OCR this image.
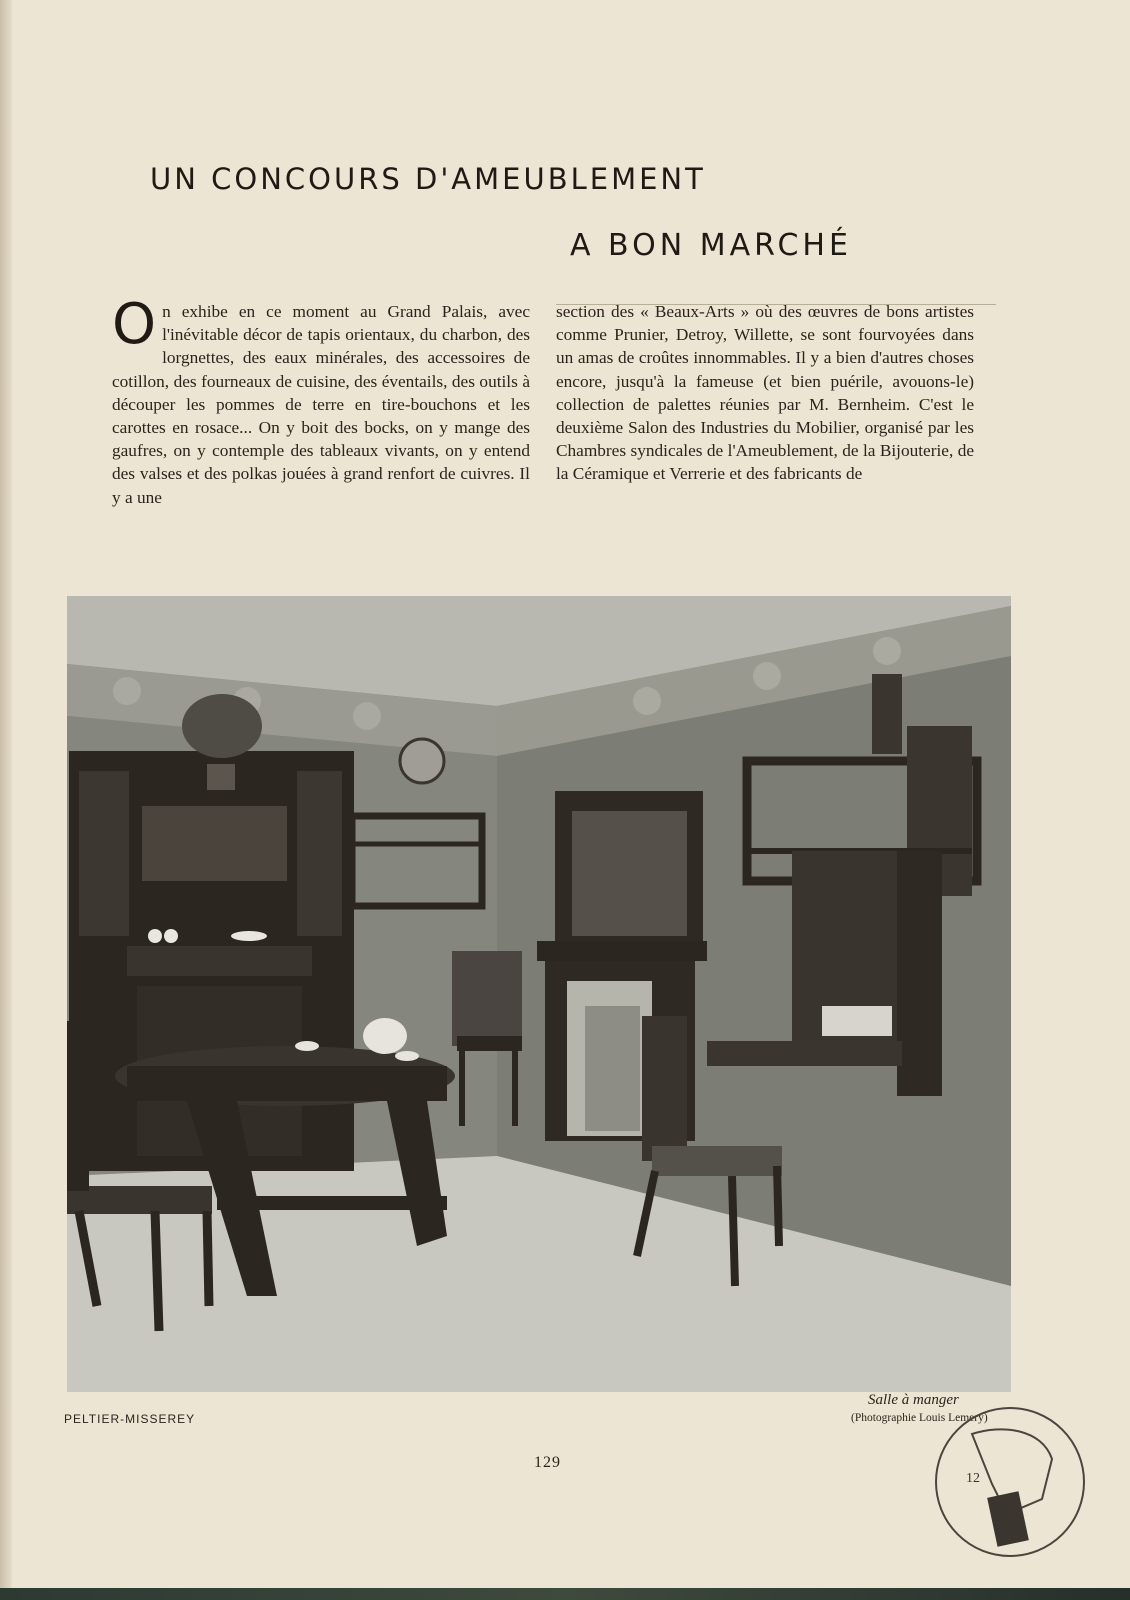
UN CONCOURS D'AMEUBLEMENT
A BON MARCHÉ
On exhibe en ce moment au Grand Palais, avec l'inévitable décor de tapis orientaux, du charbon, des lorgnettes, des eaux minérales, des accessoires de cotillon, des fourneaux de cuisine, des éventails, des outils à découper les pommes de terre en tire-bouchons et les carottes en rosace... On y boit des bocks, on y mange des gaufres, on y contemple des tableaux vivants, on y entend des valses et des polkas jouées à grand renfort de cuivres. Il y a une
section des « Beaux-Arts » où des œuvres de bons artistes comme Prunier, Detroy, Willette, se sont fourvoyées dans un amas de croûtes innommables. Il y a bien d'autres choses encore, jusqu'à la fameuse (et bien puérile, avouons-le) collection de palettes réunies par M. Bernheim. C'est le deuxième Salon des Industries du Mobilier, organisé par les Chambres syndicales de l'Ameublement, de la Bijouterie, de la Céramique et Verrerie et des fabricants de
PELTIER-MISSEREY
Salle à manger
(Photographie Louis Lemery)
129
12
